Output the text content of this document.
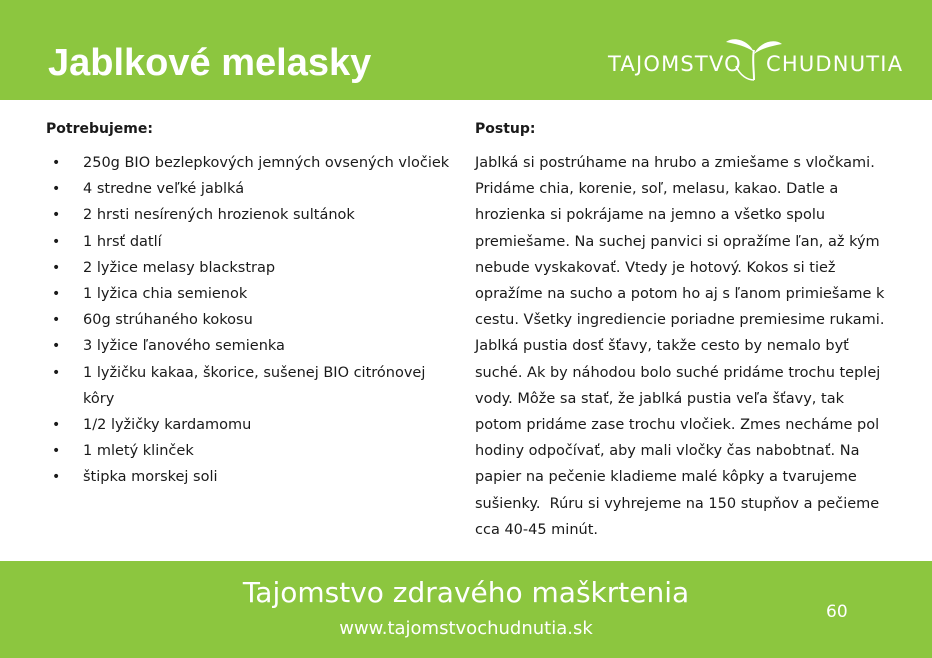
Jablkové melasky	TAJOMSTVO CHUDNUTIA
Potrebujeme:
• 250g BIO bezlepkových jemných ovsených vločiek
• 4 stredne veľké jablká
• 2 hrsti nesírených hrozienok sultánok
• 1 hrsť datlí
• 2 lyžice melasy blackstrap
• 1 lyžica chia semienok
• 60g strúhaného kokosu
• 3 lyžice ľanového semienka
• 1 lyžičku kakaa, škorice, sušenej BIO citrónovej
kôry
• 1/2 lyžičky kardamomu
• 1 mletý klinček
• štipka morskej soli
Postup:
Jablká si postrúhame na hrubo a zmiešame s vločkami.
Pridáme chia, korenie, soľ, melasu, kakao. Datle a
hrozienka si pokrájame na jemno a všetko spolu
premiešame. Na suchej panvici si opražíme ľan, až kým
nebude vyskakovať. Vtedy je hotový. Kokos si tiež
opražíme na sucho a potom ho aj s ľanom primiešame k
cestu. Všetky ingrediencie poriadne premiesime rukami.
Jablká pustia dosť šťavy, takže cesto by nemalo byť
suché. Ak by náhodou bolo suché pridáme trochu teplej
vody. Môže sa stať, že jablká pustia veľa šťavy, tak
potom pridáme zase trochu vločiek. Zmes necháme pol
hodiny odpočívať, aby mali vločky čas nabobtnať. Na
papier na pečenie kladieme malé kôpky a tvarujeme
sušienky.  Rúru si vyhrejeme na 150 stupňov a pečieme
cca 40-45 minút.
Tajomstvo zdravého maškrtenia
www.tajomstvochudnutia.sk
60
